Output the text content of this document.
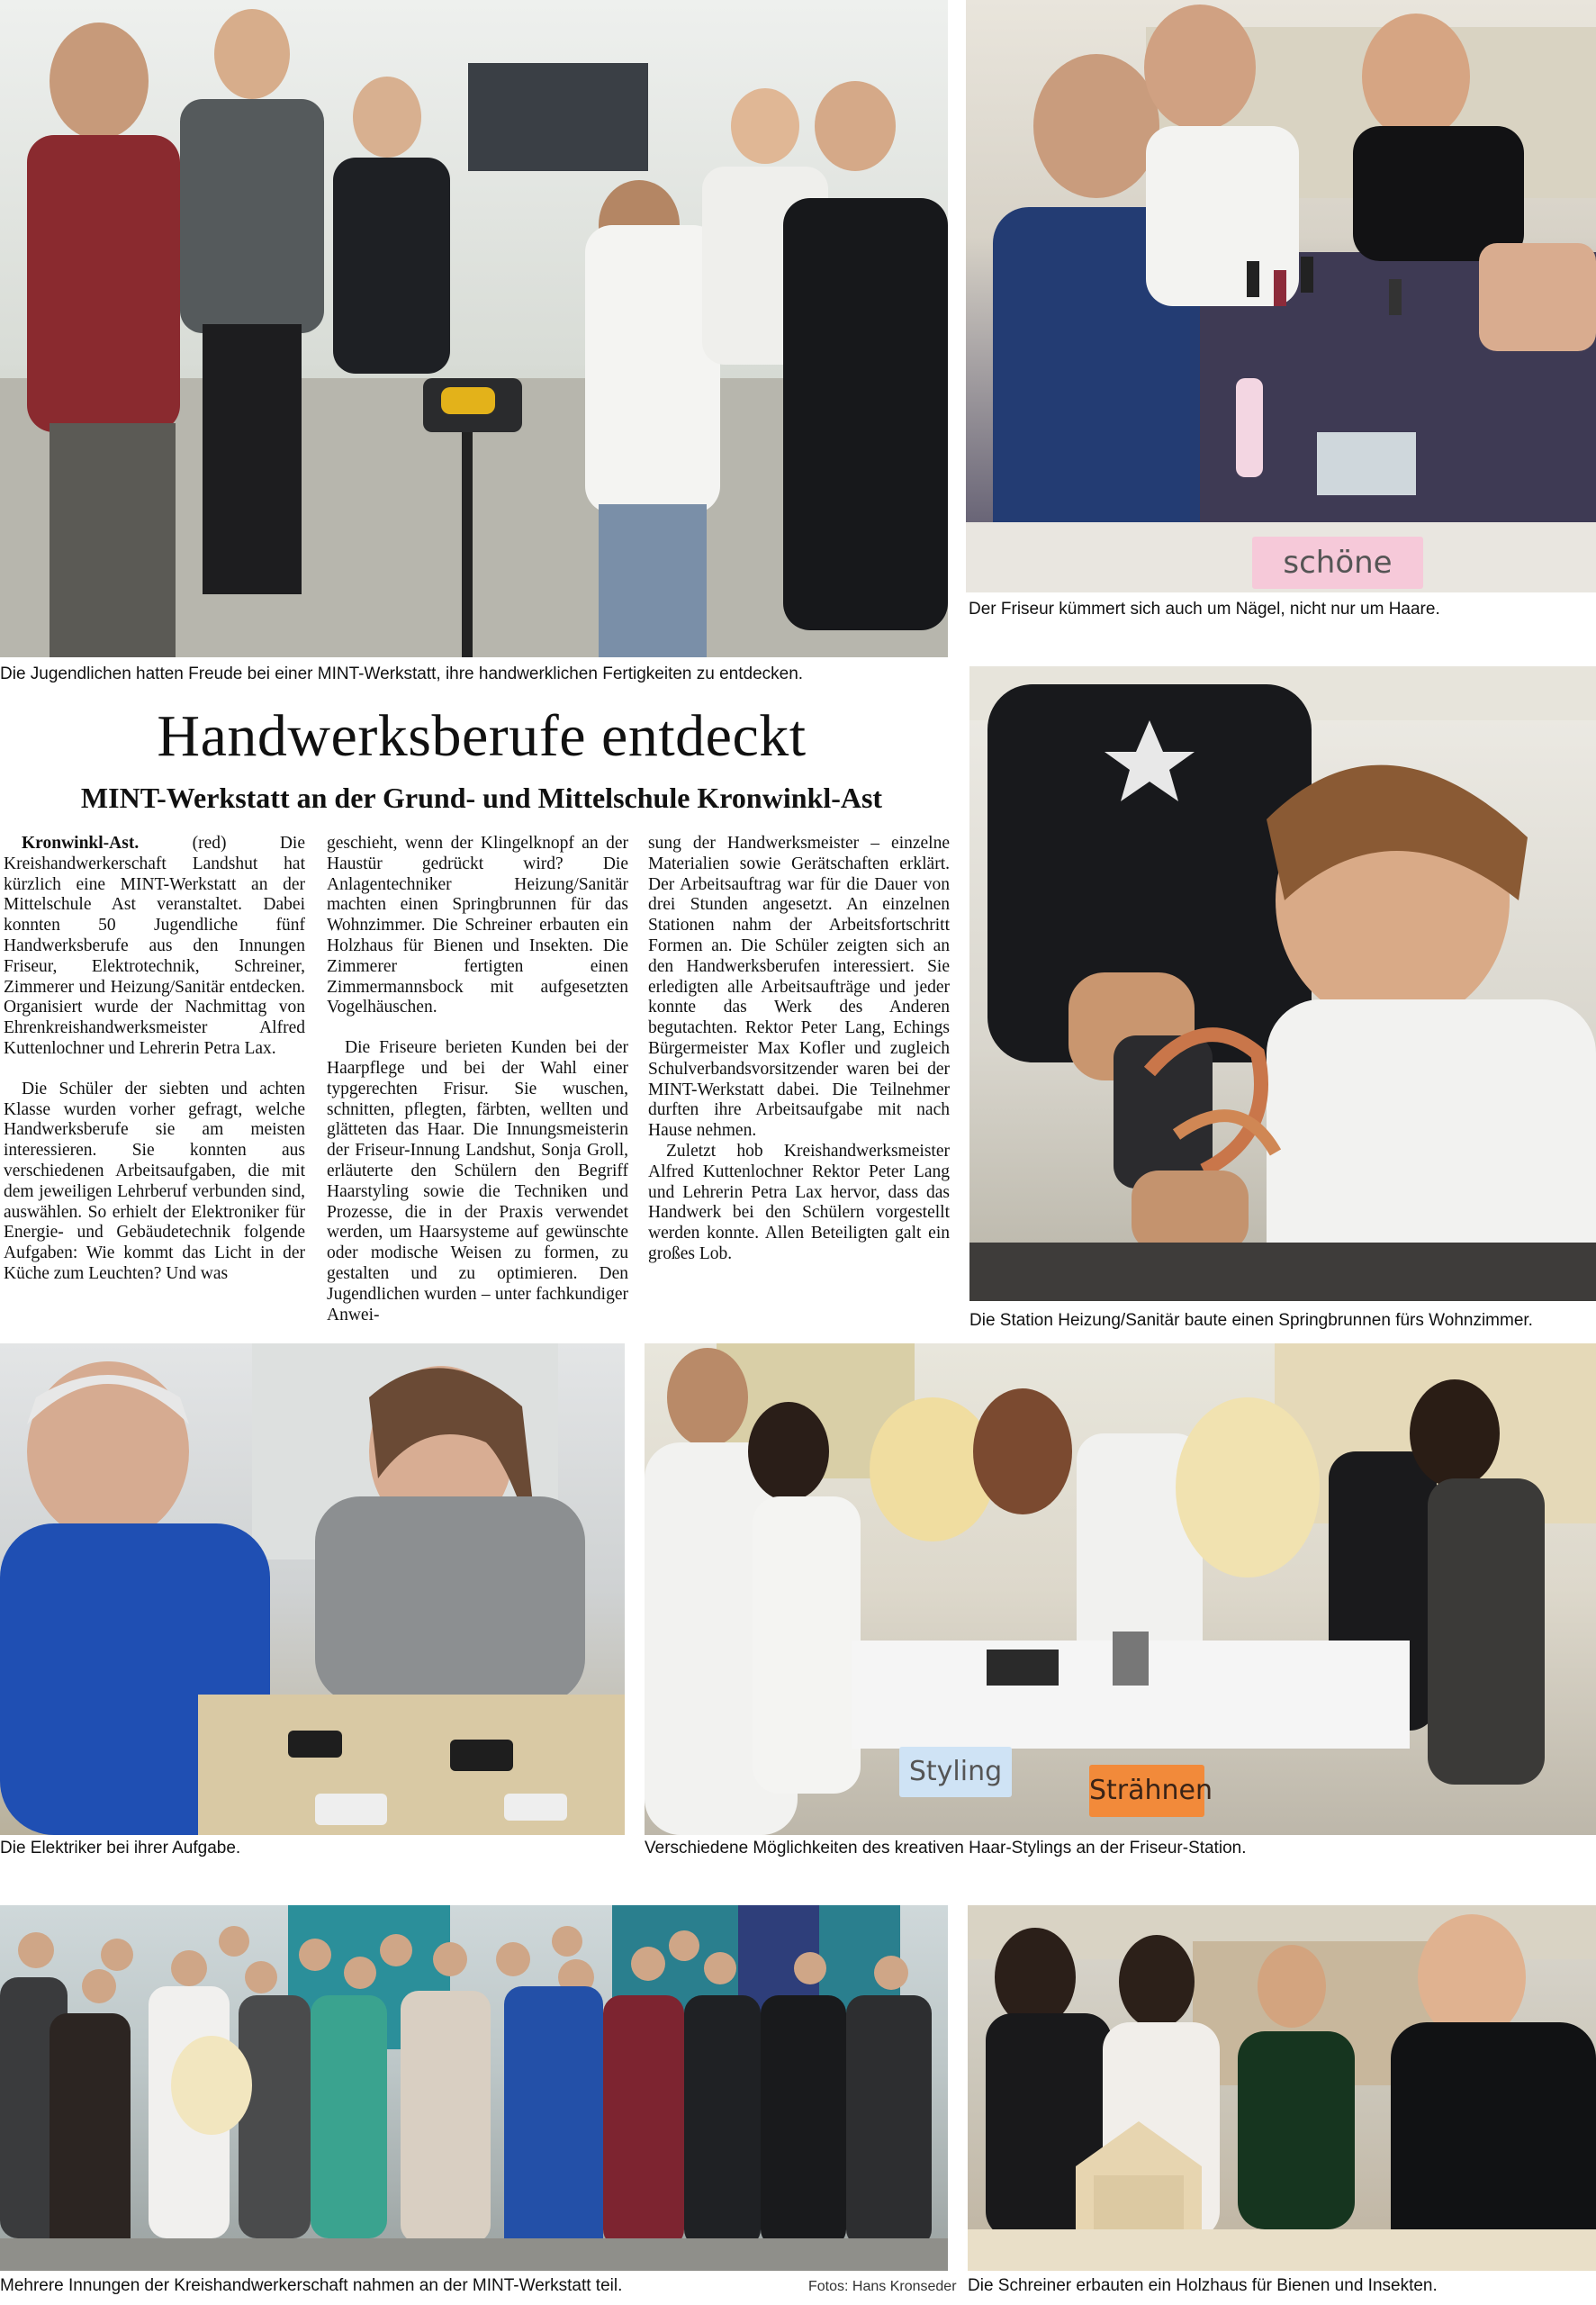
Die Jugendlichen hatten Freude bei einer MINT-Werkstatt, ihre handwerklichen Fertigkeiten zu entdecken.
schöne
Der Friseur kümmert sich auch um Nägel, nicht nur um Haare.
Handwerksberufe entdeckt
MINT-Werkstatt an der Grund- und Mittelschule Kronwinkl-Ast

Kronwinkl-Ast.	(red) Die Kreishandwerkerschaft Landshut hat kürzlich eine MINT-Werkstatt an der Mittelschule Ast veranstaltet. Dabei konnten 50 Jugendliche fünf Handwerksberufe aus den Innungen Friseur, Elektrotechnik, Schreiner, Zimmerer und Heizung/Sanitär entdecken. Organisiert wurde der Nachmittag von Ehrenkreishandwerksmeister Alfred Kuttenlochner und Lehrerin Petra Lax.

Die Schüler der siebten und achten Klasse wurden vorher gefragt, welche Handwerksberufe sie am meisten interessieren. Sie konnten aus verschiedenen Arbeitsaufgaben, die mit dem jeweiligen Lehrberuf verbunden sind, auswählen. So erhielt der Elektroniker für Energie- und Gebäudetechnik folgende Aufgaben: Wie kommt das Licht in der Küche zum Leuchten? Und was

geschieht, wenn der Klingelknopf an der Haustür gedrückt wird? Die Anlagentechniker Heizung/Sanitär machten einen Springbrunnen für das Wohnzimmer. Die Schreiner erbauten ein Holzhaus für Bienen und Insekten. Die Zimmerer fertigten einen Zimmermannsbock mit aufgesetzten Vogelhäuschen.

Die Friseure berieten Kunden bei der Haarpflege und bei der Wahl einer typgerechten Frisur. Sie wuschen, schnitten, pflegten, färbten, wellten und glätteten das Haar. Die Innungsmeisterin der Friseur-Innung Landshut, Sonja Groll, erläuterte den Schülern den Begriff Haarstyling sowie die Techniken und Prozesse, die in der Praxis verwendet werden, um Haarsysteme auf gewünschte oder modische Weisen zu formen, zu gestalten und zu optimieren. Den Jugendlichen wurden – unter fachkundiger Anwei-

sung der Handwerksmeister – einzelne Materialien sowie Gerätschaften erklärt. Der Arbeitsauftrag war für die Dauer von drei Stunden angesetzt. An einzelnen Stationen nahm der Arbeitsfortschritt Formen an. Die Schüler zeigten sich an den Handwerksberufen interessiert. Sie erledigten alle Arbeitsaufträge und jeder konnte das Werk des Anderen begutachten. Rektor Peter Lang, Echings Bürgermeister Max Kofler und zugleich Schulverbandsvorsitzender waren bei der MINT-Werkstatt dabei. Die Teilnehmer durften ihre Arbeitsaufgabe mit nach Hause nehmen.

Zuletzt hob Kreishandwerksmeister Alfred Kuttenlochner Rektor Peter Lang und Lehrerin Petra Lax hervor, dass das Handwerk bei den Schülern vorgestellt werden konnte. Allen Beteiligten galt ein großes Lob.

Die Station Heizung/Sanitär baute einen Springbrunnen fürs Wohnzimmer.
Die Elektriker bei ihrer Aufgabe.
Styling
Strähnen
Verschiedene Möglichkeiten des kreativen Haar-Stylings an der Friseur-Station.
Mehrere Innungen der Kreishandwerkerschaft nahmen an der MINT-Werkstatt teil.	Fotos: Hans Kronseder Die Schreiner erbauten ein Holzhaus für Bienen und Insekten.
